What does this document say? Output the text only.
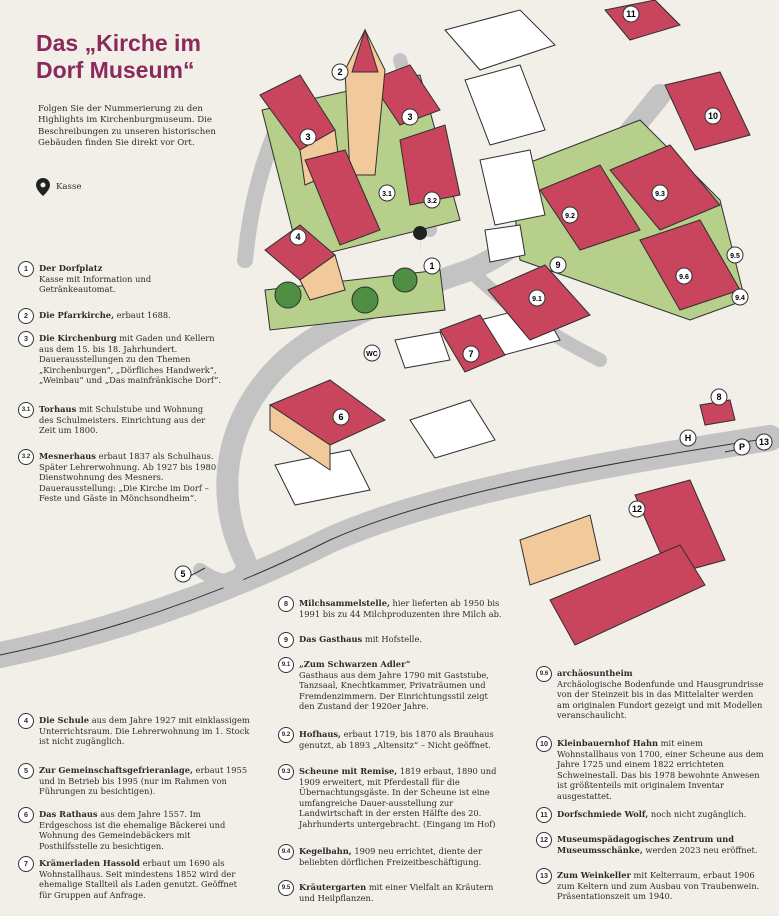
1
2
3
3
3.1
3.2
4
5
6
7
8
9
9.1
9.2
9.3
9.4
9.5
9.6
10
11
12
13
WC
H
P
Das „Kirche im Dorf Museum“
Folgen Sie der Nummerierung zu den Highlights im Kirchenburgmuseum. Die Beschreibungen zu unseren historischen Gebäuden finden Sie direkt vor Ort.
Kasse
1	Der Dorfplatz
Kasse mit Information und Getränkeautomat.
2	Die Pfarrkirche, erbaut 1688.
3	Die Kirchenburg mit Gaden und Kellern aus dem 15. bis 18. Jahrhundert. Dauerausstellungen zu den Themen „Kirchenburgen“, „Dörfliches Handwerk“, „Weinbau“ und „Das mainfränkische Dorf“.
3.1	Torhaus mit Schulstube und Wohnung des Schulmeisters. Einrichtung aus der Zeit um 1800.
3.2	Mesnerhaus erbaut 1837 als Schulhaus. Später Lehrerwohnung. Ab 1927 bis 1980 Dienstwohnung des Mesners. Dauerausstellung: „Die Kirche im Dorf – Feste und Gäste in Mönchsondheim“.
4	Die Schule aus dem Jahre 1927 mit einklassigem Unterrichtsraum. Die Lehrerwohnung im 1. Stock ist nicht zugänglich.
5	Zur Gemeinschaftsgefrieranlage, erbaut 1955 und in Betrieb bis 1995 (nur im Rahmen von Führungen zu besichtigen).
6	Das Rathaus aus dem Jahre 1557. Im Erdgeschoss ist die ehemalige Bäckerei und Wohnung des Gemeindebäckers mit Posthilfsstelle zu besichtigen.
7	Krämerladen Hassold erbaut um 1690 als Wohnstallhaus. Seit mindestens 1852 wird der ehemalige Stallteil als Laden genutzt. Geöffnet für Gruppen auf Anfrage.
8	Milchsammelstelle, hier lieferten ab 1950 bis 1991 bis zu 44 Milchproduzenten ihre Milch ab.
9	Das Gasthaus mit Hofstelle.
9.1	„Zum Schwarzen Adler“
Gasthaus aus dem Jahre 1790 mit Gaststube, Tanzsaal, Knechtkammer, Privaträumen und Fremdenzimmern. Der Einrichtungsstil zeigt den Zustand der 1920er Jahre.
9.2	Hofhaus, erbaut 1719, bis 1870 als Brauhaus genutzt, ab 1893 „Altensitz“ – Nicht geöffnet.
9.3	Scheune mit Remise, 1819 erbaut, 1890 und 1909 erweitert, mit Pferdestall für die Übernachtungsgäste. In der Scheune ist eine umfangreiche Dauer-ausstellung zur Landwirtschaft in der ersten Hälfte des 20. Jahrhunderts untergebracht. (Eingang im Hof)
9.4	Kegelbahn, 1909 neu errichtet, diente der beliebten dörflichen Freizeitbeschäftigung.
9.5	Kräutergarten mit einer Vielfalt an Kräutern und Heilpflanzen.
9.6	archäosuntheim
Archäologische Bodenfunde und Hausgrundrisse von der Steinzeit bis in das Mittelalter werden am originalen Fundort gezeigt und mit Modellen veranschaulicht.
10	Kleinbauernhof Hahn mit einem Wohnstallhaus von 1700, einer Scheune aus dem Jahre 1725 und einem 1822 errichteten Schweinestall. Das bis 1978 bewohnte Anwesen ist größtenteils mit originalem Inventar ausgestattet.
11	Dorfschmiede Wolf, noch nicht zugänglich.
12	Museumspädagogisches Zentrum und Museumsschänke, werden 2023 neu eröffnet.
13	Zum Weinkeller mit Kelterraum, erbaut 1906 zum Keltern und zum Ausbau von Traubenwein. Präsentationszeit um 1940.
